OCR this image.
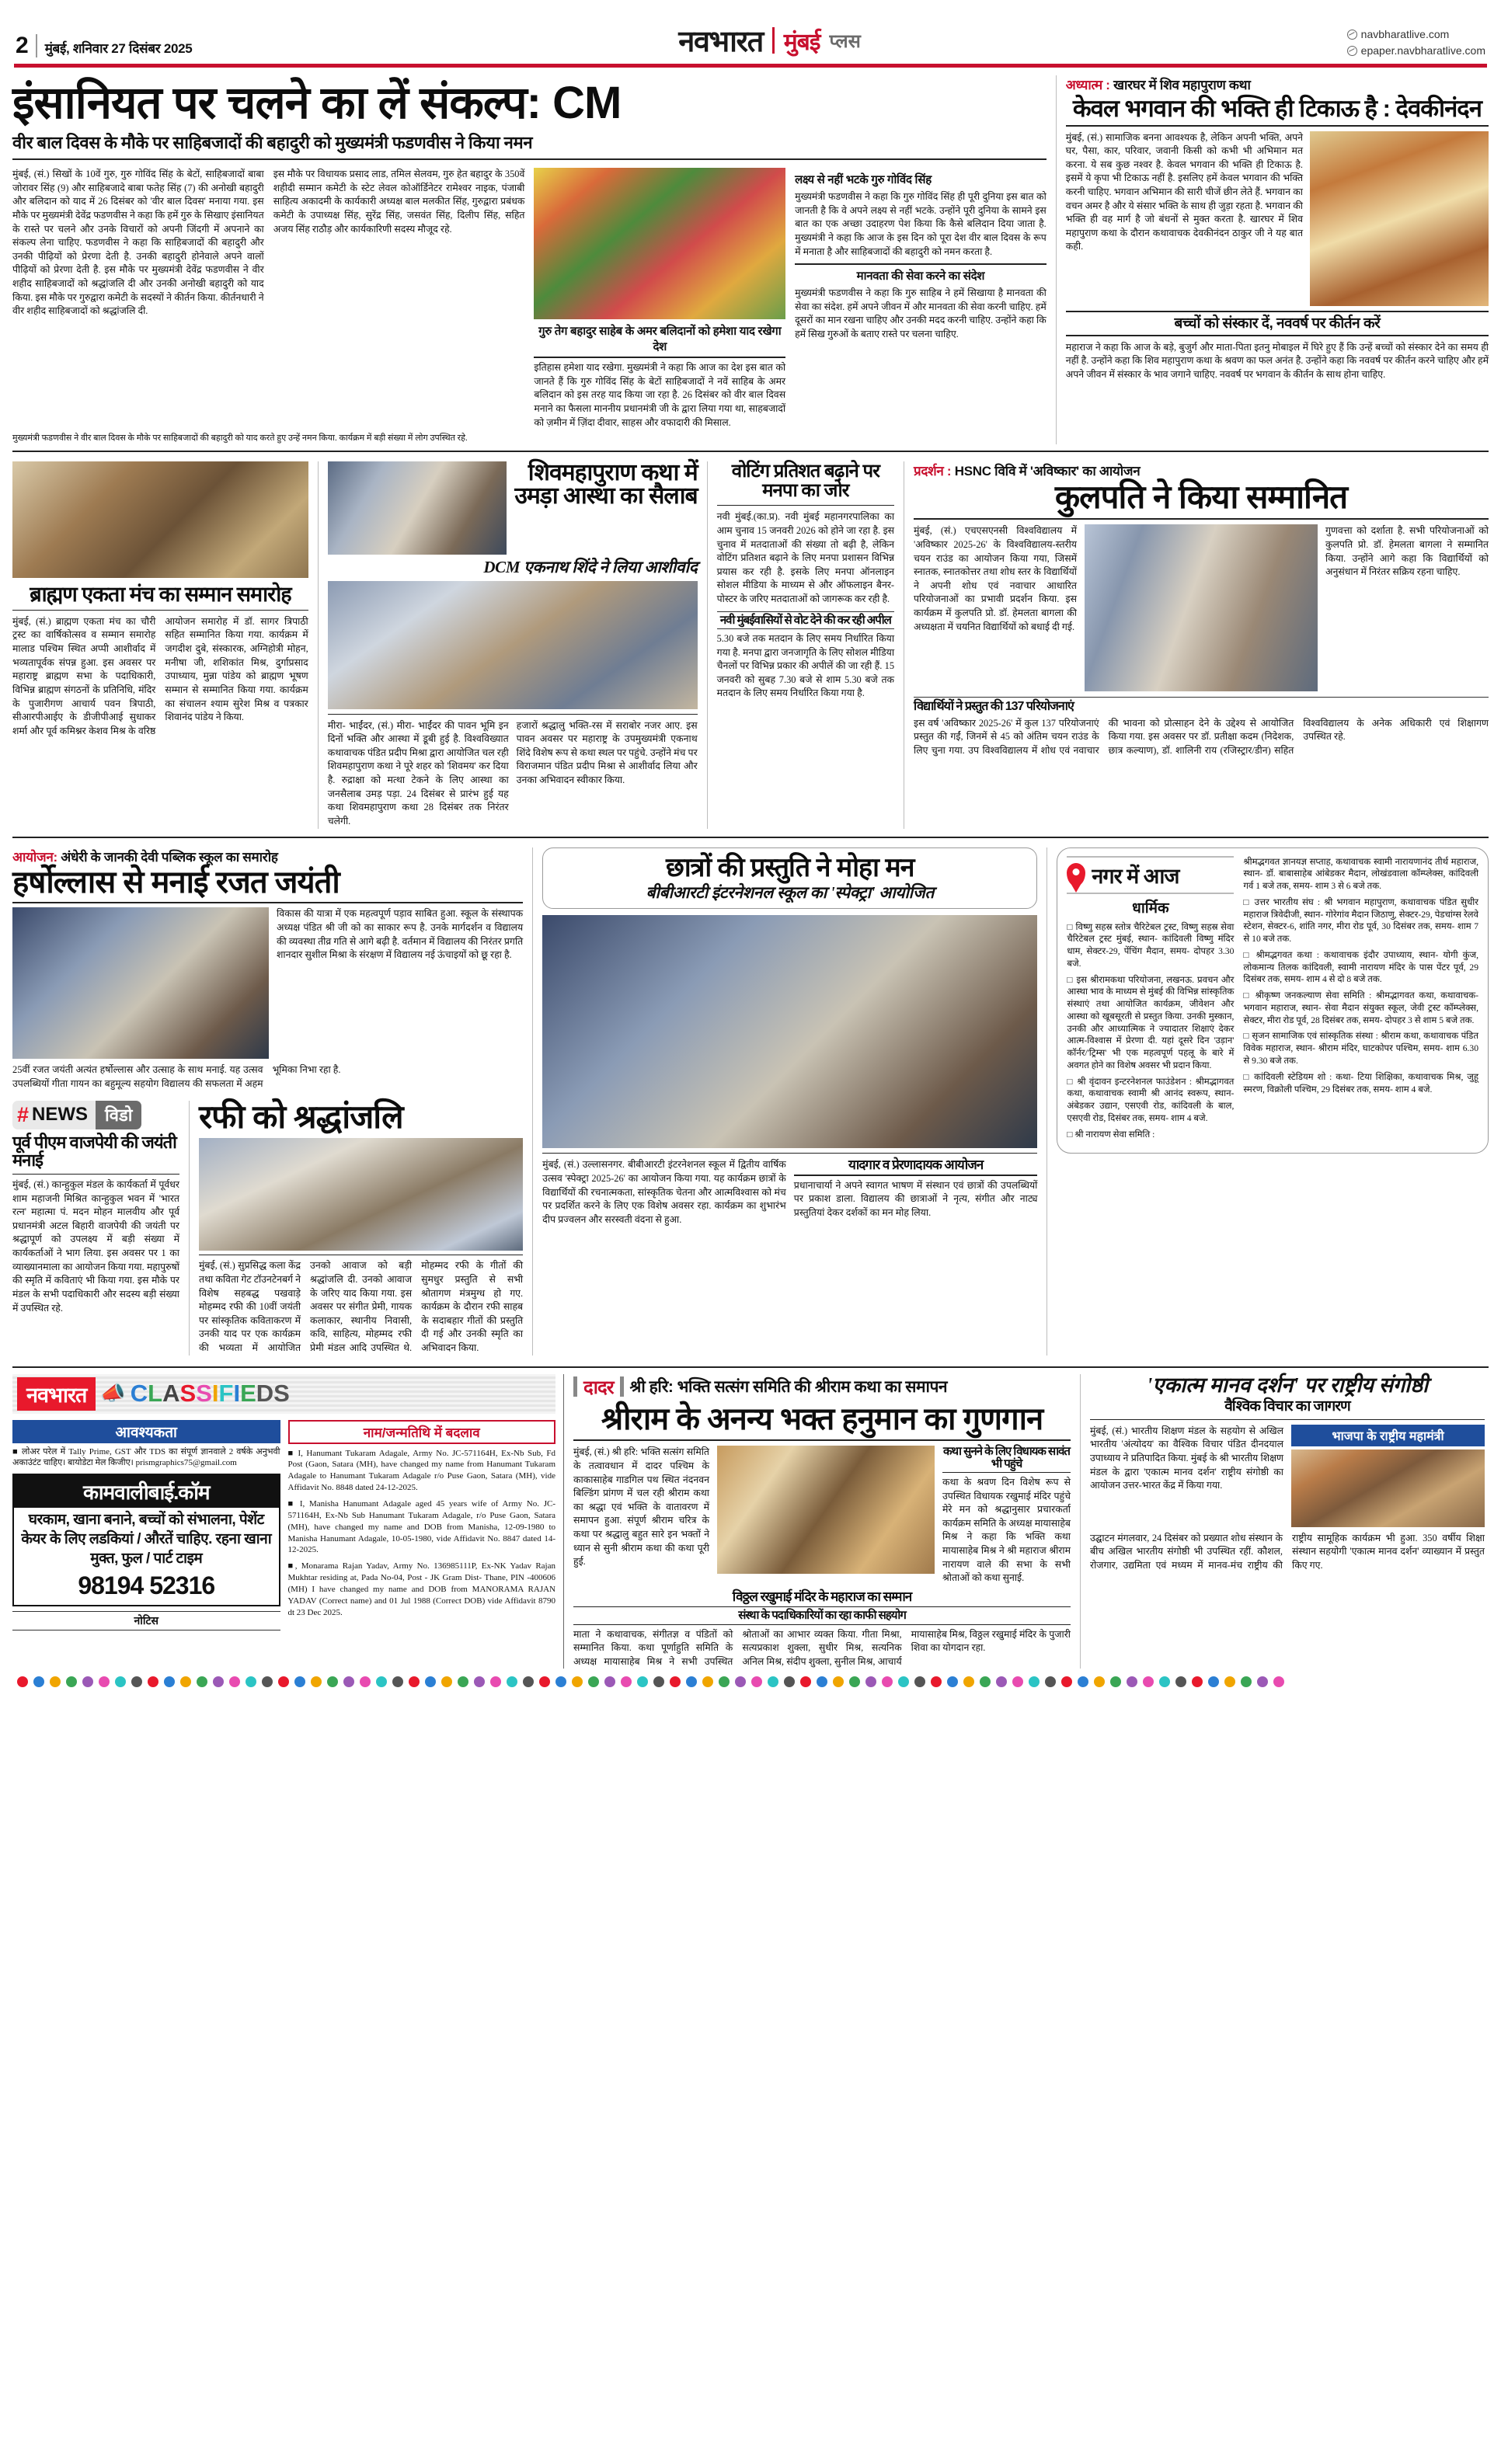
2 मुंबई, शनिवार 27 दिसंबर 2025	नवभारत मुंबई प्लस	navbharatlive.com
epaper.navbharatlive.com
इंसानियत पर चलने का लें संकल्प: CM
वीर बाल दिवस के मौके पर साहिबजादों की बहादुरी को मुख्यमंत्री फडणवीस ने किया नमन

मुंबई, (सं.) सिखों के 10वें गुरु, गुरु गोविंद सिंह के बेटों, साहिबजादों बाबा जोरावर सिंह (9) और साहिबजादे बाबा फतेह सिंह (7) की अनोखी बहादुरी और बलिदान को याद में 26 दिसंबर को 'वीर बाल दिवस' मनाया गया. इस मौके पर मुख्यमंत्री देवेंद्र फडणवीस ने कहा कि हमें गुरु के सिखाए इंसानियत के रास्ते पर चलने और उनके विचारों को अपनी जिंदगी में अपनाने का संकल्प लेना चाहिए. फडणवीस ने कहा कि साहिबजादों की बहादुरी और उनकी पीढ़ियों को प्रेरणा देती है. उनकी बहादुरी होनेवाले अपने वालों पीढ़ियों को प्रेरणा देती है. इस मौके पर मुख्यमंत्री देवेंद्र फडणवीस ने वीर शहीद साहिबजादों को श्रद्धांजलि दी और उनकी अनोखी बहादुरी को याद किया. इस मौके पर गुरुद्वारा कमेटी के सदस्यों ने कीर्तन किया. कीर्तनधारी ने वीर शहीद साहिबजादों को श्रद्धांजलि दी.

इस मौके पर विधायक प्रसाद लाड, तमिल सेलवम, गुरु हेत बहादुर के 350वें शहीदी सम्मान कमेटी के स्टेट लेवल कोऑर्डिनेटर रामेश्वर नाइक, पंजाबी साहित्य अकादमी के कार्यकारी अध्यक्ष बाल मलकीत सिंह, गुरुद्वारा प्रबंधक कमेटी के उपाध्यक्ष सिंह, सुरेंद्र सिंह, जसवंत सिंह, दिलीप सिंह, सहित अजय सिंह राठौड़ और कार्यकारिणी सदस्य मौजूद रहे.

गुरु तेग बहादुर साहेब के अमर बलिदानों को हमेशा याद रखेगा देश

इतिहास हमेशा याद रखेगा. मुख्यमंत्री ने कहा कि आज का देश इस बात को जानते हैं कि गुरु गोविंद सिंह के बेटों साहिबजादों ने नवें साहिब के अमर बलिदान को इस तरह याद किया जा रहा है. 26 दिसंबर को वीर बाल दिवस मनाने का फैसला माननीय प्रधानमंत्री जी के द्वारा लिया गया था, साहबजादों को ज़मीन में ज़िंदा दीवार, साहस और वफादारी की मिसाल.

लक्ष्य से नहीं भटके गुरु गोविंद सिंह

मुख्यमंत्री फडणवीस ने कहा कि गुरु गोविंद सिंह ही पूरी दुनिया इस बात को जानती है कि वे अपने लक्ष्य से नहीं भटके. उन्होंने पूरी दुनिया के सामने इस बात का एक अच्छा उदाहरण पेश किया कि कैसे बलिदान दिया जाता है. मुख्यमंत्री ने कहा कि आज के इस दिन को पूरा देश वीर बाल दिवस के रूप में मनाता है और साहिबजादों की बहादुरी को नमन करता है.

मानवता की सेवा करने का संदेश

मुख्यमंत्री फडणवीस ने कहा कि गुरु साहिब ने हमें सिखाया है मानवता की सेवा का संदेश. हमें अपने जीवन में और मानवता की सेवा करनी चाहिए. हमें दूसरों का मान रखना चाहिए और उनकी मदद करनी चाहिए. उन्होंने कहा कि हमें सिख गुरुओं के बताए रास्ते पर चलना चाहिए.

मुख्यमंत्री फडणवीस ने वीर बाल दिवस के मौके पर साहिबजादों की बहादुरी को याद करते हुए उन्हें नमन किया. कार्यक्रम में बड़ी संख्या में लोग उपस्थित रहे.

अध्यात्म : खारघर में शिव महापुराण कथा
केवल भगवान की भक्ति ही टिकाऊ है : देवकीनंदन

मुंबई, (सं.) सामाजिक बनना आवश्यक है, लेकिन अपनी भक्ति, अपने घर, पैसा, कार, परिवार, जवानी किसी को कभी भी अभिमान मत करना. ये सब कुछ नश्वर है. केवल भगवान की भक्ति ही टिकाऊ है. इसमें ये कृपा भी टिकाऊ नहीं है. इसलिए हमें केवल भगवान की भक्ति करनी चाहिए. भगवान अभिमान की सारी चीजें छीन लेते हैं. भगवान का वचन अमर है और ये संसार भक्ति के साथ ही जुड़ा रहता है. भगवान की भक्ति ही वह मार्ग है जो बंधनों से मुक्त करता है. खारघर में शिव महापुराण कथा के दौरान कथावाचक देवकीनंदन ठाकुर जी ने यह बात कही.

बच्चों को संस्कार दें, नववर्ष पर कीर्तन करें

महाराज ने कहा कि आज के बड़े, बुजुर्ग और माता-पिता इतनु मोबाइल में घिरे हुए हैं कि उन्हें बच्चों को संस्कार देने का समय ही नहीं है. उन्होंने कहा कि शिव महापुराण कथा के श्रवण का फल अनंत है. उन्होंने कहा कि नववर्ष पर कीर्तन करने चाहिए और हमें अपने जीवन में संस्कार के भाव जगाने चाहिए. नववर्ष पर भगवान के कीर्तन के साथ होना चाहिए.

ब्राह्मण एकता मंच का सम्मान समारोह

मुंबई, (सं.) ब्राह्मण एकता मंच का चौरी ट्रस्ट का वार्षिकोत्सव व सम्मान समारोह मालाड पश्चिम स्थित अप्पी आशीर्वाद में भव्यतापूर्वक संपन्न हुआ. इस अवसर पर महाराष्ट्र ब्राह्मण सभा के पदाधिकारी, विभिन्न ब्राह्मण संगठनों के प्रतिनिधि, मंदिर के पुजारीगण आचार्य पवन त्रिपाठी, सीआरपीआईए के डीजीपीआई सुधाकर शर्मा और पूर्व कमिश्नर केशव मिश्र के वरिष्ठ आयोजन समारोह में डॉ. सागर त्रिपाठी सहित सम्मानित किया गया. कार्यक्रम में जगदीश दुबे, संस्कारक, अग्निहोत्री मोहन, मनीषा जी, शशिकांत मिश्र, दुर्गाप्रसाद उपाध्याय, मुन्ना पांडेय को ब्राह्मण भूषण सम्मान से सम्मानित किया गया. कार्यक्रम का संचालन श्याम सुरेश मिश्र व पत्रकार शिवानंद पांडेय ने किया.

शिवमहापुराण कथा में उमड़ा आस्था का सैलाब
DCM एकनाथ शिंदे ने लिया आशीर्वाद

मीरा- भाईंदर, (सं.) मीरा- भाईंदर की पावन भूमि इन दिनों भक्ति और आस्था में डूबी हुई है. विश्वविख्यात कथावाचक पंडित प्रदीप मिश्रा द्वारा आयोजित चल रही शिवमहापुराण कथा ने पूरे शहर को 'शिवमय' कर दिया है. रुद्राक्षा को मत्था टेकने के लिए आस्था का जनसैलाब उमड़ पड़ा. 24 दिसंबर से प्रारंभ हुई यह कथा शिवमहापुराण कथा 28 दिसंबर तक निरंतर चलेगी.

हजारों श्रद्धालु भक्ति-रस में सराबोर नजर आए. इस पावन अवसर पर महाराष्ट्र के उपमुख्यमंत्री एकनाथ शिंदे विशेष रूप से कथा स्थल पर पहुंचे. उन्होंने मंच पर विराजमान पंडित प्रदीप मिश्रा से आशीर्वाद लिया और उनका अभिवादन स्वीकार किया.

वोटिंग प्रतिशत बढ़ाने पर मनपा का जोर

नवी मुंबई.(का.प्र). नवी मुंबई महानगरपालिका का आम चुनाव 15 जनवरी 2026 को होने जा रहा है. इस चुनाव में मतदाताओं की संख्या तो बढ़ी है, लेकिन वोटिंग प्रतिशत बढ़ाने के लिए मनपा प्रशासन विभिन्न प्रयास कर रही है. इसके लिए मनपा ऑनलाइन सोशल मीडिया के माध्यम से और ऑफलाइन बैनर-पोस्टर के जरिए मतदाताओं को जागरूक कर रही है.

नवी मुंबईवासियों से वोट देने की कर रही अपील

5.30 बजे तक मतदान के लिए समय निर्धारित किया गया है. मनपा द्वारा जनजागृति के लिए सोशल मीडिया चैनलों पर विभिन्न प्रकार की अपीलें की जा रही हैं. 15 जनवरी को सुबह 7.30 बजे से शाम 5.30 बजे तक मतदान के लिए समय निर्धारित किया गया है.

प्रदर्शन : HSNC विवि में 'अविष्कार' का आयोजन
कुलपति ने किया सम्मानित

मुंबई, (सं.) एचएसएनसी विश्वविद्यालय में 'अविष्कार 2025-26' के विश्वविद्यालय-स्तरीय चयन राउंड का आयोजन किया गया, जिसमें स्नातक, स्नातकोत्तर तथा शोध स्तर के विद्यार्थियों ने अपनी शोध एवं नवाचार आधारित परियोजनाओं का प्रभावी प्रदर्शन किया. इस कार्यक्रम में कुलपति प्रो. डॉ. हेमलता बागला की अध्यक्षता में चयनित विद्यार्थियों को बधाई दी गई.

गुणवत्ता को दर्शाता है. सभी परियोजनाओं को कुलपति प्रो. डॉ. हेमलता बागला ने सम्मानित किया. उन्होंने आगे कहा कि विद्यार्थियों को अनुसंधान में निरंतर सक्रिय रहना चाहिए.

विद्यार्थियों ने प्रस्तुत की 137 परियोजनाएं

इस वर्ष 'अविष्कार 2025-26' में कुल 137 परियोजनाएं प्रस्तुत की गईं, जिनमें से 45 को अंतिम चयन राउंड के लिए चुना गया. उप विश्वविद्यालय में शोध एवं नवाचार की भावना को प्रोत्साहन देने के उद्देश्य से आयोजित किया गया. इस अवसर पर डॉ. प्रतीक्षा कदम (निदेशक, छात्र कल्याण), डॉ. शालिनी राय (रजिस्ट्रार/डीन) सहित विश्वविद्यालय के अनेक अधिकारी एवं शिक्षागण उपस्थित रहे.

आयोजन: अंधेरी के जानकी देवी पब्लिक स्कूल का समारोह
हर्षोल्लास से मनाई रजत जयंती

विकास की यात्रा में एक महत्वपूर्ण पड़ाव साबित हुआ. स्कूल के संस्थापक अध्यक्ष पंडित श्री जी को का साकार रूप है. उनके मार्गदर्शन व विद्यालय की व्यवस्था तीव्र गति से आगे बढ़ी है. वर्तमान में विद्यालय की निरंतर प्रगति शानदार सुशील मिश्रा के संरक्षण में विद्यालय नई ऊंचाइयों को छू रहा है.

25वीं रजत जयंती अत्यंत हर्षोल्लास और उत्साह के साथ मनाई. यह उत्सव उपलब्धियों गीता गायन का बहुमूल्य सहयोग विद्यालय की सफलता में अहम भूमिका निभा रहा है.

# NEWS	विडो
पूर्व पीएम वाजपेयी की जयंती मनाई

मुंबई, (सं.) कान्हुकुल मंडल के कार्यकर्ता में पूर्वधर शाम महाजनी मिश्रित कान्हुकुल भवन में 'भारत रत्न' महात्मा पं. मदन मोहन मालवीय और पूर्व प्रधानमंत्री अटल बिहारी वाजपेयी की जयंती पर श्रद्धापूर्ण को उपलक्ष्य में बड़ी संख्या में कार्यकर्ताओं ने भाग लिया. इस अवसर पर 1 का व्याख्यानमाला का आयोजन किया गया. महापुरुषों की स्मृति में कविताएं भी किया गया. इस मौके पर मंडल के सभी पदाधिकारी और सदस्य बड़ी संख्या में उपस्थित रहे.

रफी को श्रद्धांजलि

मुंबई, (सं.) सुप्रसिद्ध कला केंद्र तथा कविता गेट टॉउनटेनबर्ग ने विशेष सहबद्ध पखवाड़े मोहम्मद रफी की 10वीं जयंती पर सांस्कृतिक कविताकरण में उनकी याद पर एक कार्यक्रम की भव्यता में आयोजित उनको आवाज को बड़ी श्रद्धांजलि दी. उनको आवाज के जरिए याद किया गया. इस अवसर पर संगीत प्रेमी, गायक कलाकार, स्थानीय निवासी, कवि, साहित्य, मोहम्मद रफी प्रेमी मंडल आदि उपस्थित थे. मोहम्मद रफी के गीतों की सुमधुर प्रस्तुति से सभी श्रोतागण मंत्रमुग्ध हो गए. कार्यक्रम के दौरान रफी साहब के सदाबहार गीतों की प्रस्तुति दी गई और उनकी स्मृति का अभिवादन किया.

छात्रों की प्रस्तुति ने मोहा मन
बीबीआरटी इंटरनेशनल स्कूल का 'स्पेक्ट्रा' आयोजित

मुंबई, (सं.) उल्लासनगर. बीबीआरटी इंटरनेशनल स्कूल में द्वितीय वार्षिक उत्सव 'स्पेक्ट्रा 2025-26' का आयोजन किया गया. यह कार्यक्रम छात्रों के विद्यार्थियों की रचनात्मकता, सांस्कृतिक चेतना और आत्मविश्वास को मंच पर प्रदर्शित करने के लिए एक विशेष अवसर रहा. कार्यक्रम का शुभारंभ दीप प्रज्वलन और सरस्वती वंदना से हुआ.

यादगार व प्रेरणादायक आयोजन

प्रधानाचार्या ने अपने स्वागत भाषण में संस्थान एवं छात्रों की उपलब्धियों पर प्रकाश डाला. विद्यालय की छात्राओं ने नृत्य, संगीत और नाट्य प्रस्तुतियां देकर दर्शकों का मन मोह लिया.

नगर में आज
धार्मिक
□ विष्णु सहस्र स्तोत्र चैरिटेबल ट्रस्ट, विष्णु सहस्र सेवा चैरिटेबल ट्रस्ट मुंबई, स्थान- कांदिवली विष्णु मंदिर धाम, सेक्टर-29, पेंचिंग मैदान, समय- दोपहर 3.30 बजे.
□ इस श्रीरामकथा परियोजना, लखनऊ. प्रवचन और आस्था भाव के माध्यम से मुंबई की विभिन्न सांस्कृतिक संस्थाएं तथा आयोजित कार्यक्रम, जीवेशन और आस्था को खूबसूरती से प्रस्तुत किया. उनकी मुस्कान, उनकी और आध्यात्मिक ने ज्यादातर शिक्षाएं देकर आत्म-विश्वास में प्रेरणा दी. यहां दूसरे दिन 'उड़ान' कॉर्नर/'ट्रिम्स' भी एक महत्वपूर्ण पहलू के बारे में अवगत होने का विशेष अवसर भी प्रदान किया.
□ श्री वृंदावन इन्टरनेशनल फाउंडेशन : श्रीमद्भागवत कथा, कथावाचक स्वामी श्री आनंद स्वरूप, स्थान- अंबेडकर उद्यान, एसएवी रोड, कांदिवली के बाल, एसएवी रोड, दिसंबर तक, समय- शाम 4 बजे.
□ श्री नारायण सेवा समिति :
श्रीमद्भगवत ज्ञानयज्ञ सप्ताह, कथावाचक स्वामी नारायणानंद तीर्थ महाराज, स्थान- डॉ. बाबासाहेब आंबेडकर मैदान, लोखंडवाला कॉम्प्लेक्स, कांदिवली गर्व 1 बजे तक, समय- शाम 3 से 6 बजे तक.
□ उत्तर भारतीय संघ : श्री भगवान महापुराण, कथावाचक पंडित सुधीर महाराज त्रिवेदीजी, स्थान- गोरेगांव मैदान जिठाणु, सेक्टर-29, पेडचांग्स रेलवे स्टेशन, सेक्टर-6, शांति नगर, मीरा रोड पूर्व, 30 दिसंबर तक, समय- शाम 7 से 10 बजे तक.
□ श्रीमद्भगवत कथा : कथावाचक इंदौर उपाध्याय, स्थान- योगी कुंज, लोकमान्य तिलक कांदिवली, स्वामी नारायण मंदिर के पास पेंटर पूर्व, 29 दिसंबर तक, समय- शाम 4 से दो 8 बजे तक.
□ श्रीकृष्ण जनकल्याण सेवा समिति : श्रीमद्भागवत कथा, कथावाचक- भगवान महाराज, स्थान- सेवा मैदान संयुक्त स्कूल, जेवी ट्रस्ट कॉम्प्लेक्स, सेक्टर, मीरा रोड पूर्व, 28 दिसंबर तक, समय- दोपहर 3 से शाम 5 बजे तक.
□ सृजन सामाजिक एवं सांस्कृतिक संस्था : श्रीराम कथा, कथावाचक पंडित विवेक महाराज, स्थान- श्रीराम मंदिर, घाटकोपर पश्चिम, समय- शाम 6.30 से 9.30 बजे तक.
□ कांदिवली स्टेडियम शो : कथा- टिया शिक्षिका, कथावाचक मिश्र, जुहू स्मरण, विक्रोली पश्चिम, 29 दिसंबर तक, समय- शाम 4 बजे.
नवभारत 📣 CLASSIFIEDS
आवश्यकता

■ लोअर परेल में Tally Prime, GST और TDS का संपूर्ण ज्ञानवाले 2 वर्षके अनुभवी अकाउंटंट चाहिए। बायोडेटा मेल किजीए। prismgraphics75@gmail.com

कामवालीबाई.कॉम
घरकाम, खाना बनाने, बच्चों को संभालना, पेशेंट केयर के लिए लडकियां / औरतें चाहिए. रहना खाना मुक्त, फुल / पार्ट टाइम
98194 52316
नोटिस
नाम/जन्मतिथि में बदलाव

■ I, Hanumant Tukaram Adagale, Army No. JC-571164H, Ex-Nb Sub, Fd Post (Gaon, Satara (MH), have changed my name from Hanumant Tukaram Adagale to Hanumant Tukaram Adagale r/o Puse Gaon, Satara (MH), vide Affidavit No. 8848 dated 24-12-2025.

■ I, Manisha Hanumant Adagale aged 45 years wife of Army No. JC-571164H, Ex-Nb Sub Hanumant Tukaram Adagale, r/o Puse Gaon, Satara (MH), have changed my name and DOB from Manisha, 12-09-1980 to Manisha Hanumant Adagale, 10-05-1980, vide Affidavit No. 8847 dated 14-12-2025.

■, Monarama Rajan Yadav, Army No. 136985111P, Ex-NK Yadav Rajan Mukhtar residing at, Pada No-04, Post - JK Gram Dist- Thane, PIN -400606 (MH) I have changed my name and DOB from MANORAMA RAJAN YADAV (Correct name) and 01 Jul 1988 (Correct DOB) vide Affidavit 8790 dt 23 Dec 2025.

दादर श्री हरि: भक्ति सत्संग समिति की श्रीराम कथा का समापन
श्रीराम के अनन्य भक्त हनुमान का गुणगान

मुंबई, (सं.) श्री हरि: भक्ति सत्संग समिति के तत्वावधान में दादर पश्चिम के काकासाहेब गाडगिल पथ स्थित नंदनवन बिल्डिंग प्रांगण में चल रही श्रीराम कथा का श्रद्धा एवं भक्ति के वातावरण में समापन हुआ. संपूर्ण श्रीराम चरित्र के कथा पर श्रद्धालु बहुत सारे इन भक्तों ने ध्यान से सुनी श्रीराम कथा की कथा पूरी हुई.

कथा सुनने के लिए विधायक सावंत भी पहुंचे

कथा के श्रवण दिन विशेष रूप से उपस्थित विधायक रखुमाई मंदिर पहुंचे मेरे मन को श्रद्धानुसार प्रचारकर्ता कार्यक्रम समिति के अध्यक्ष मायासाहेब मिश्र ने कहा कि भक्ति कथा मायासाहेब मिश्र ने श्री महाराज श्रीराम नारायण वाले की सभा के सभी श्रोताओं को कथा सुनाई.

विठ्ठल रखुमाई मंदिर के महाराज का सम्मान
संस्था के पदाधिकारियों का रहा काफी सहयोग

माता ने कथावाचक, संगीतज्ञ व पंडितों को सम्मानित किया. कथा पूर्णाहुति समिति के अध्यक्ष मायासाहेब मिश्र ने सभी उपस्थित श्रोताओं का आभार व्यक्त किया. गीता मिश्रा, सत्यप्रकाश शुक्ला, सुधीर मिश्र, सत्यनिक अनिल मिश्र, संदीप शुक्ला, सुनील मिश्र, आचार्य मायासाहेब मिश्र, विठ्ठल रखुमाई मंदिर के पुजारी शिवा का योगदान रहा.

'एकात्म मानव दर्शन' पर राष्ट्रीय संगोष्ठी
वैश्विक विचार का जागरण

मुंबई, (सं.) भारतीय शिक्षण मंडल के सहयोग से अखिल भारतीय 'अंत्योदय' का वैश्विक विचार पंडित दीनदयाल उपाध्याय ने प्रतिपादित किया. मुंबई के श्री भारतीय शिक्षण मंडल के द्वारा 'एकात्म मानव दर्शन' राष्ट्रीय संगोष्ठी का आयोजन उत्तर-भारत केंद्र में किया गया.

भाजपा के राष्ट्रीय महामंत्री

उद्घाटन मंगलवार, 24 दिसंबर को प्रख्यात शोध संस्थान के बीच अखिल भारतीय संगोष्ठी भी उपस्थित रहीं. कौशल, रोजगार, उद्यमिता एवं मध्यम में मानव-मंच राष्ट्रीय की राष्ट्रीय सामूहिक कार्यक्रम भी हुआ. 350 वर्षीय शिक्षा संस्थान सहयोगी 'एकात्म मानव दर्शन' व्याख्यान में प्रस्तुत किए गए.
